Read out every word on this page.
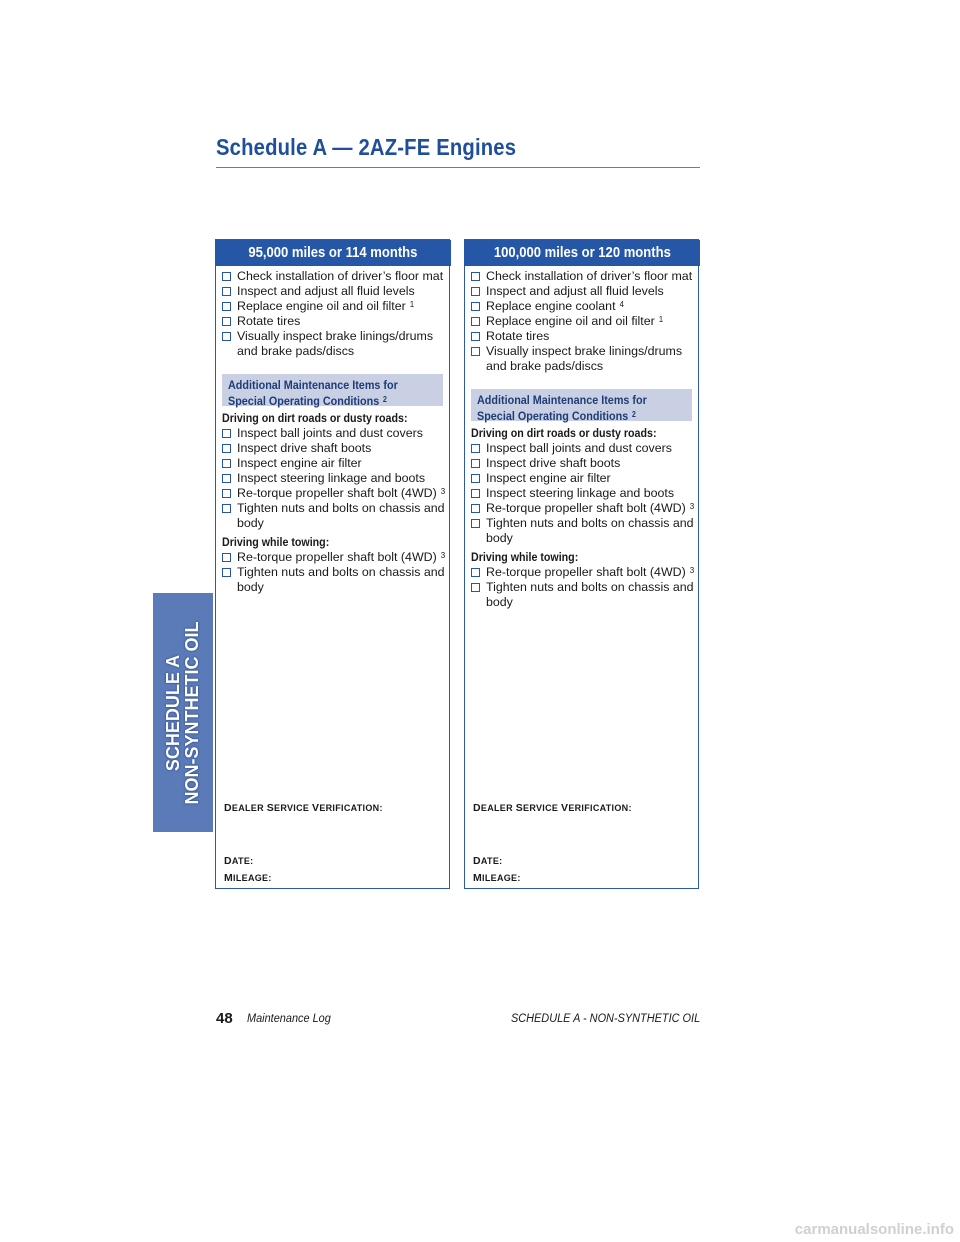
Schedule A — 2AZ-FE Engines
SCHEDULE A NON-SYNTHETIC OIL
95,000 miles or 114 months
Check installation of driver’s floor mat
Inspect and adjust all fluid levels
Replace engine oil and oil filter $^1$
Rotate tires
Visually inspect brake linings/drums and brake pads/discs
Additional Maintenance Items for
Special Operating Conditions $^2$
Driving on dirt roads or dusty roads:
Inspect ball joints and dust covers
Inspect drive shaft boots
Inspect engine air filter
Inspect steering linkage and boots
Re-torque propeller shaft bolt (4WD) $^3$
Tighten nuts and bolts on chassis and body
Driving while towing:
Re-torque propeller shaft bolt (4WD) $^3$
Tighten nuts and bolts on chassis and body
DEALER SERVICE VERIFICATION:
DATE:
MILEAGE:
100,000 miles or 120 months
Check installation of driver’s floor mat
Inspect and adjust all fluid levels
Replace engine coolant $^4$
Replace engine oil and oil filter $^1$
Rotate tires
Visually inspect brake linings/drums and brake pads/discs
Additional Maintenance Items for
Special Operating Conditions $^2$
Driving on dirt roads or dusty roads:
Inspect ball joints and dust covers
Inspect drive shaft boots
Inspect engine air filter
Inspect steering linkage and boots
Re-torque propeller shaft bolt (4WD) $^3$
Tighten nuts and bolts on chassis and body
Driving while towing:
Re-torque propeller shaft bolt (4WD) $^3$
Tighten nuts and bolts on chassis and body
DEALER SERVICE VERIFICATION:
DATE:
MILEAGE:
48 Maintenance Log	SCHEDULE A - NON-SYNTHETIC OIL
carmanualsonline.info
